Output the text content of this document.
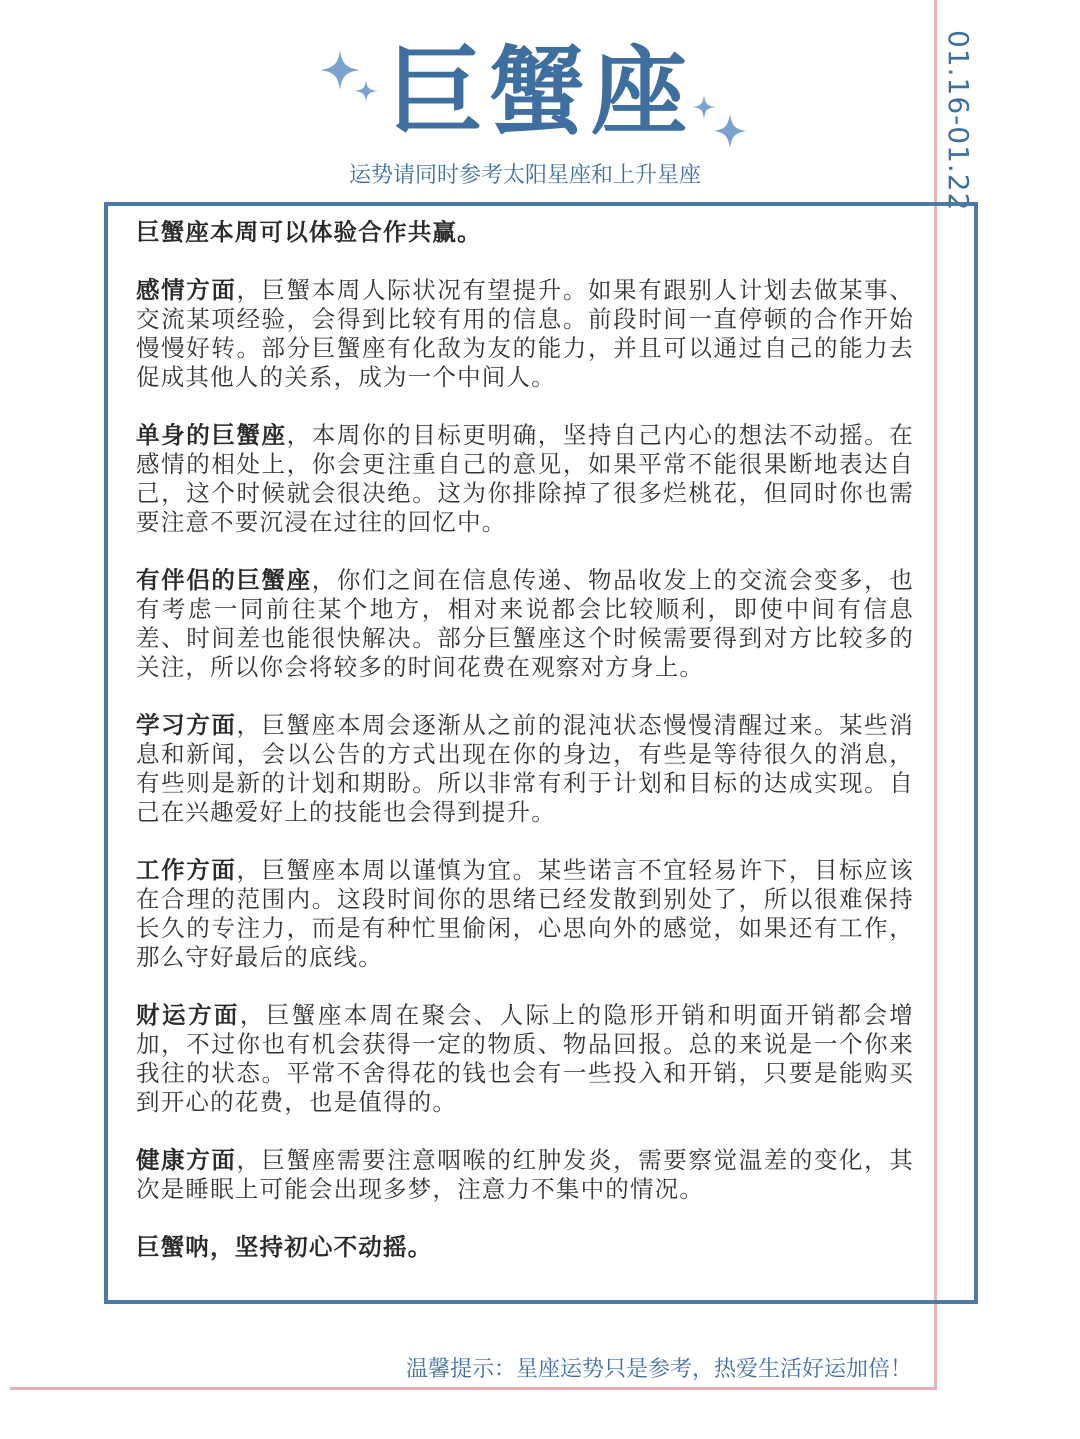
01.16-01.22
巨蟹座
运势请同时参考太阳星座和上升星座

巨蟹座本周可以体验合作共赢。

感情方面，巨蟹本周人际状况有望提升。如果有跟别人计划去做某事、交流某项经验，会得到比较有用的信息。前段时间一直停顿的合作开始慢慢好转。部分巨蟹座有化敌为友的能力，并且可以通过自己的能力去促成其他人的关系，成为一个中间人。

单身的巨蟹座，本周你的目标更明确，坚持自己内心的想法不动摇。在感情的相处上，你会更注重自己的意见，如果平常不能很果断地表达自己，这个时候就会很决绝。这为你排除掉了很多烂桃花，但同时你也需要注意不要沉浸在过往的回忆中。

有伴侣的巨蟹座，你们之间在信息传递、物品收发上的交流会变多，也有考虑一同前往某个地方，相对来说都会比较顺利，即使中间有信息差、时间差也能很快解决。部分巨蟹座这个时候需要得到对方比较多的关注，所以你会将较多的时间花费在观察对方身上。

学习方面，巨蟹座本周会逐渐从之前的混沌状态慢慢清醒过来。某些消息和新闻，会以公告的方式出现在你的身边，有些是等待很久的消息，有些则是新的计划和期盼。所以非常有利于计划和目标的达成实现。自己在兴趣爱好上的技能也会得到提升。

工作方面，巨蟹座本周以谨慎为宜。某些诺言不宜轻易许下，目标应该在合理的范围内。这段时间你的思绪已经发散到别处了，所以很难保持长久的专注力，而是有种忙里偷闲，心思向外的感觉，如果还有工作，那么守好最后的底线。

财运方面，巨蟹座本周在聚会、人际上的隐形开销和明面开销都会增加，不过你也有机会获得一定的物质、物品回报。总的来说是一个你来我往的状态。平常不舍得花的钱也会有一些投入和开销，只要是能购买到开心的花费，也是值得的。

健康方面，巨蟹座需要注意咽喉的红肿发炎，需要察觉温差的变化，其次是睡眠上可能会出现多梦，注意力不集中的情况。

巨蟹呐，坚持初心不动摇。

温馨提示：星座运势只是参考，热爱生活好运加倍！
